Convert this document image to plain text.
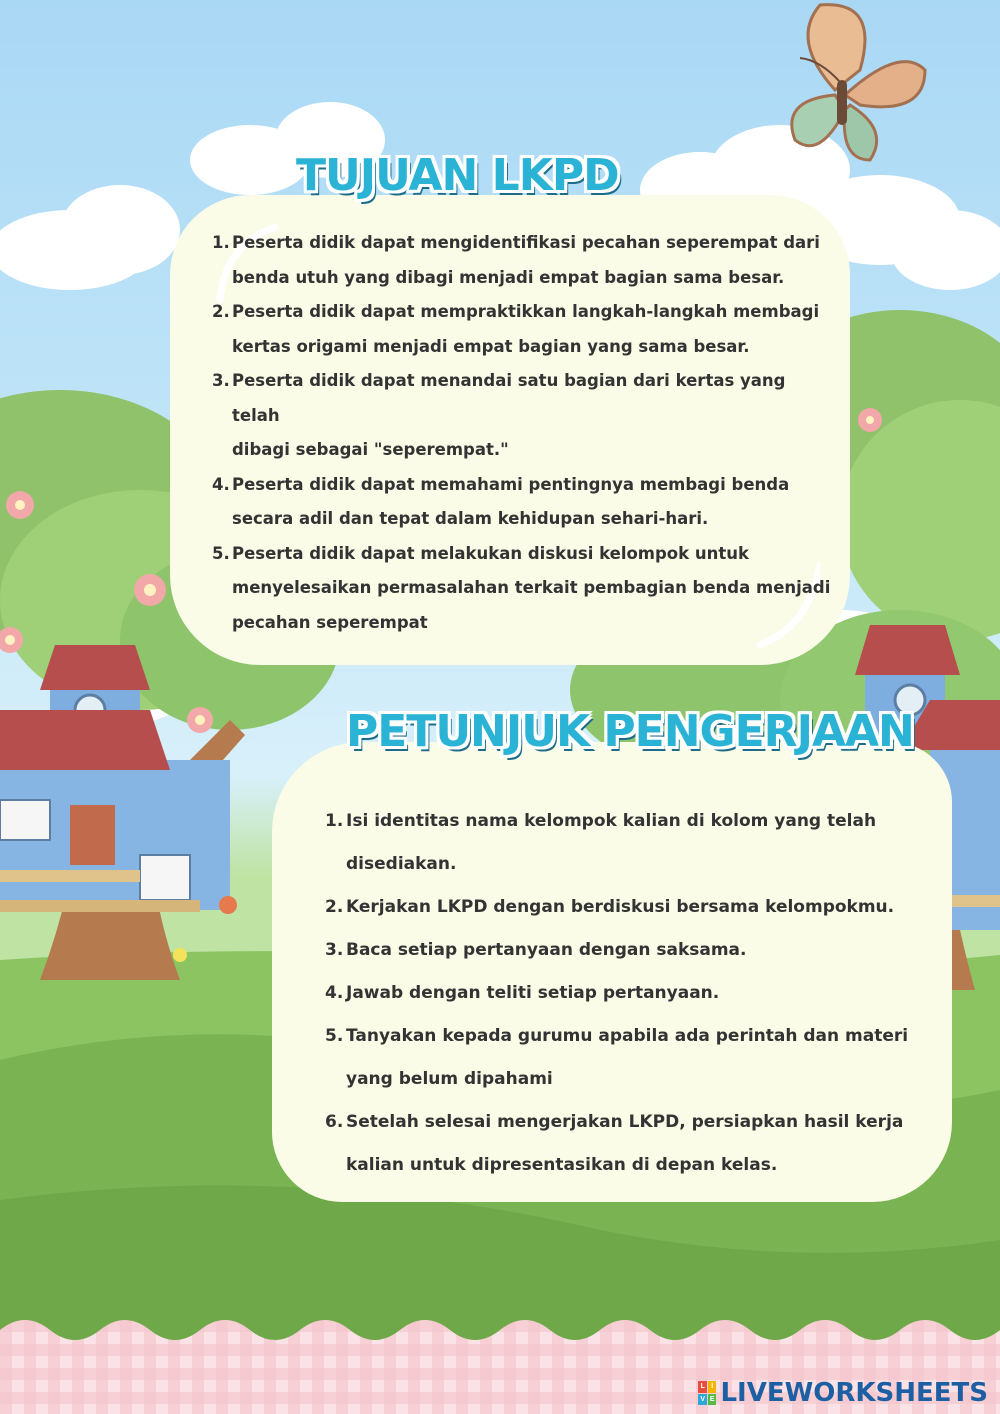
TUJUAN LKPD
1. Peserta didik dapat mengidentifikasi pecahan seperempat dari
benda utuh yang dibagi menjadi empat bagian sama besar.
2. Peserta didik dapat mempraktikkan langkah-langkah membagi
kertas origami menjadi empat bagian yang sama besar.
3. Peserta didik dapat menandai satu bagian dari kertas yang telah
dibagi sebagai "seperempat."
4. Peserta didik dapat memahami pentingnya membagi benda
secara adil dan tepat dalam kehidupan sehari-hari.
5. Peserta didik dapat melakukan diskusi kelompok untuk
menyelesaikan permasalahan terkait pembagian benda menjadi
pecahan seperempat
PETUNJUK PENGERJAAN
1. Isi identitas nama kelompok kalian di kolom yang telah
disediakan.
2. Kerjakan LKPD dengan berdiskusi bersama kelompokmu.
3. Baca setiap pertanyaan dengan saksama.
4. Jawab dengan teliti setiap pertanyaan.
5. Tanyakan kepada gurumu apabila ada perintah dan materi
yang belum dipahami
6. Setelah selesai mengerjakan LKPD, persiapkan hasil kerja
kalian untuk dipresentasikan di depan kelas.
L I
V E LIVEWORKSHEETS
